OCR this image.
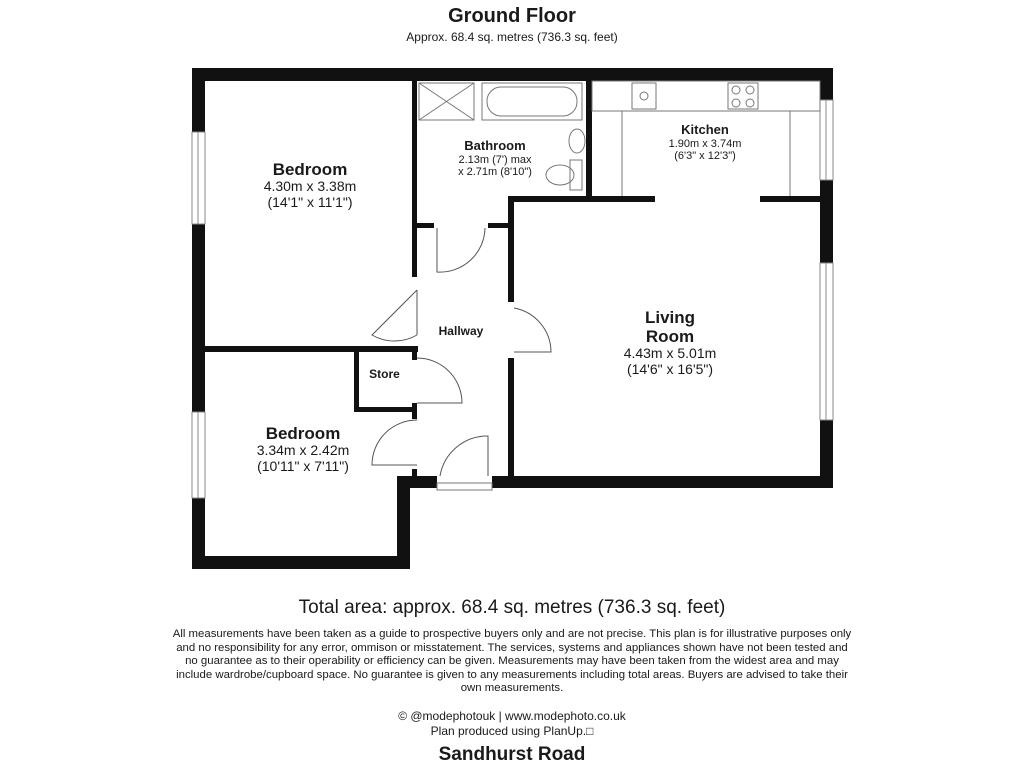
Ground Floor
Approx. 68.4 sq. metres (736.3 sq. feet)
Bedroom
4.30m x 3.38m
(14'1" x 11'1")
Bathroom
2.13m (7') max
x 2.71m (8'10")
Kitchen
1.90m x 3.74m
(6'3" x 12'3")
Living
Room
4.43m x 5.01m
(14'6" x 16'5")
Hallway
Store
Bedroom
3.34m x 2.42m
(10'11" x 7'11")
Total area: approx. 68.4 sq. metres (736.3 sq. feet)
All measurements have been taken as a guide to prospective buyers only and are not precise. This plan is for illustrative purposes only and no responsibility for any error, ommison or misstatement. The services, systems and appliances shown have not been tested and no guarantee as to their operability or efficiency can be given. Measurements may have been taken from the widest area and may include wardrobe/cupboard space. No guarantee is given to any measurements including total areas. Buyers are advised to take their own measurements.
© @modephotouk | www.modephoto.co.uk
Plan produced using PlanUp.□
Sandhurst Road
